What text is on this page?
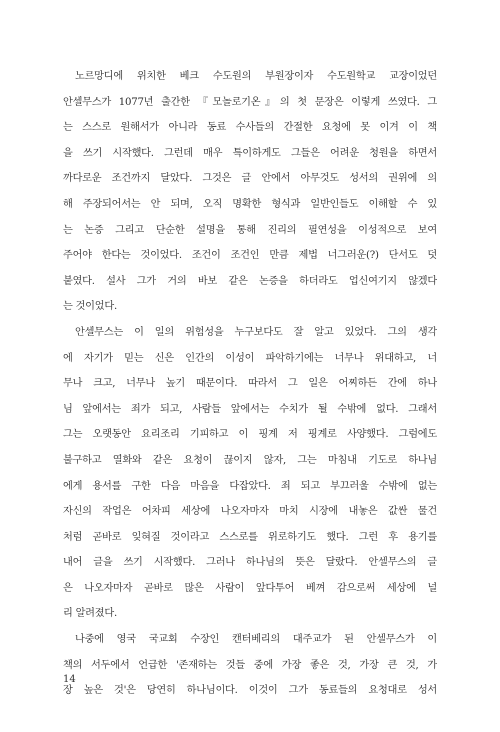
노르망디에 위치한 베크 수도원의 부원장이자 수도원학교 교장이었던
안셀무스가 1077년 출간한 『모놀로기온』의 첫 문장은 이렇게 쓰였다. 그
는 스스로 원해서가 아니라 동료 수사들의 간절한 요청에 못 이겨 이 책
을 쓰기 시작했다. 그런데 매우 특이하게도 그들은 어려운 청원을 하면서
까다로운 조건까지 달았다. 그것은 글 안에서 아무것도 성서의 권위에 의
해 주장되어서는 안 되며, 오직 명확한 형식과 일반인들도 이해할 수 있
는 논증 그리고 단순한 설명을 통해 진리의 필연성을 이성적으로 보여
주어야 한다는 것이었다. 조건이 조건인 만큼 제법 너그러운(?) 단서도 덧
붙였다. 설사 그가 거의 바보 같은 논증을 하더라도 업신여기지 않겠다
는 것이었다.
안셀무스는 이 일의 위험성을 누구보다도 잘 알고 있었다. 그의 생각
에 자기가 믿는 신은 인간의 이성이 파악하기에는 너무나 위대하고, 너
무나 크고, 너무나 높기 때문이다. 따라서 그 일은 어찌하든 간에 하나
님 앞에서는 죄가 되고, 사람들 앞에서는 수치가 될 수밖에 없다. 그래서
그는 오랫동안 요리조리 기피하고 이 핑계 저 핑계로 사양했다. 그럼에도
불구하고 열화와 같은 요청이 끊이지 않자, 그는 마침내 기도로 하나님
에게 용서를 구한 다음 마음을 다잡았다. 죄 되고 부끄러울 수밖에 없는
자신의 작업은 어차피 세상에 나오자마자 마치 시장에 내놓은 값싼 물건
처럼 곧바로 잊혀질 것이라고 스스로를 위로하기도 했다. 그런 후 용기를
내어 글을 쓰기 시작했다. 그러나 하나님의 뜻은 달랐다. 안셀무스의 글
은 나오자마자 곧바로 많은 사람이 앞다투어 베껴 감으로써 세상에 널
리 알려졌다.
나중에 영국 국교회 수장인 캔터베리의 대주교가 된 안셀무스가 이
책의 서두에서 언급한 '존재하는 것들 중에 가장 좋은 것, 가장 큰 것, 가
장 높은 것'은 당연히 하나님이다. 이것이 그가 동료들의 요청대로 성서
14
